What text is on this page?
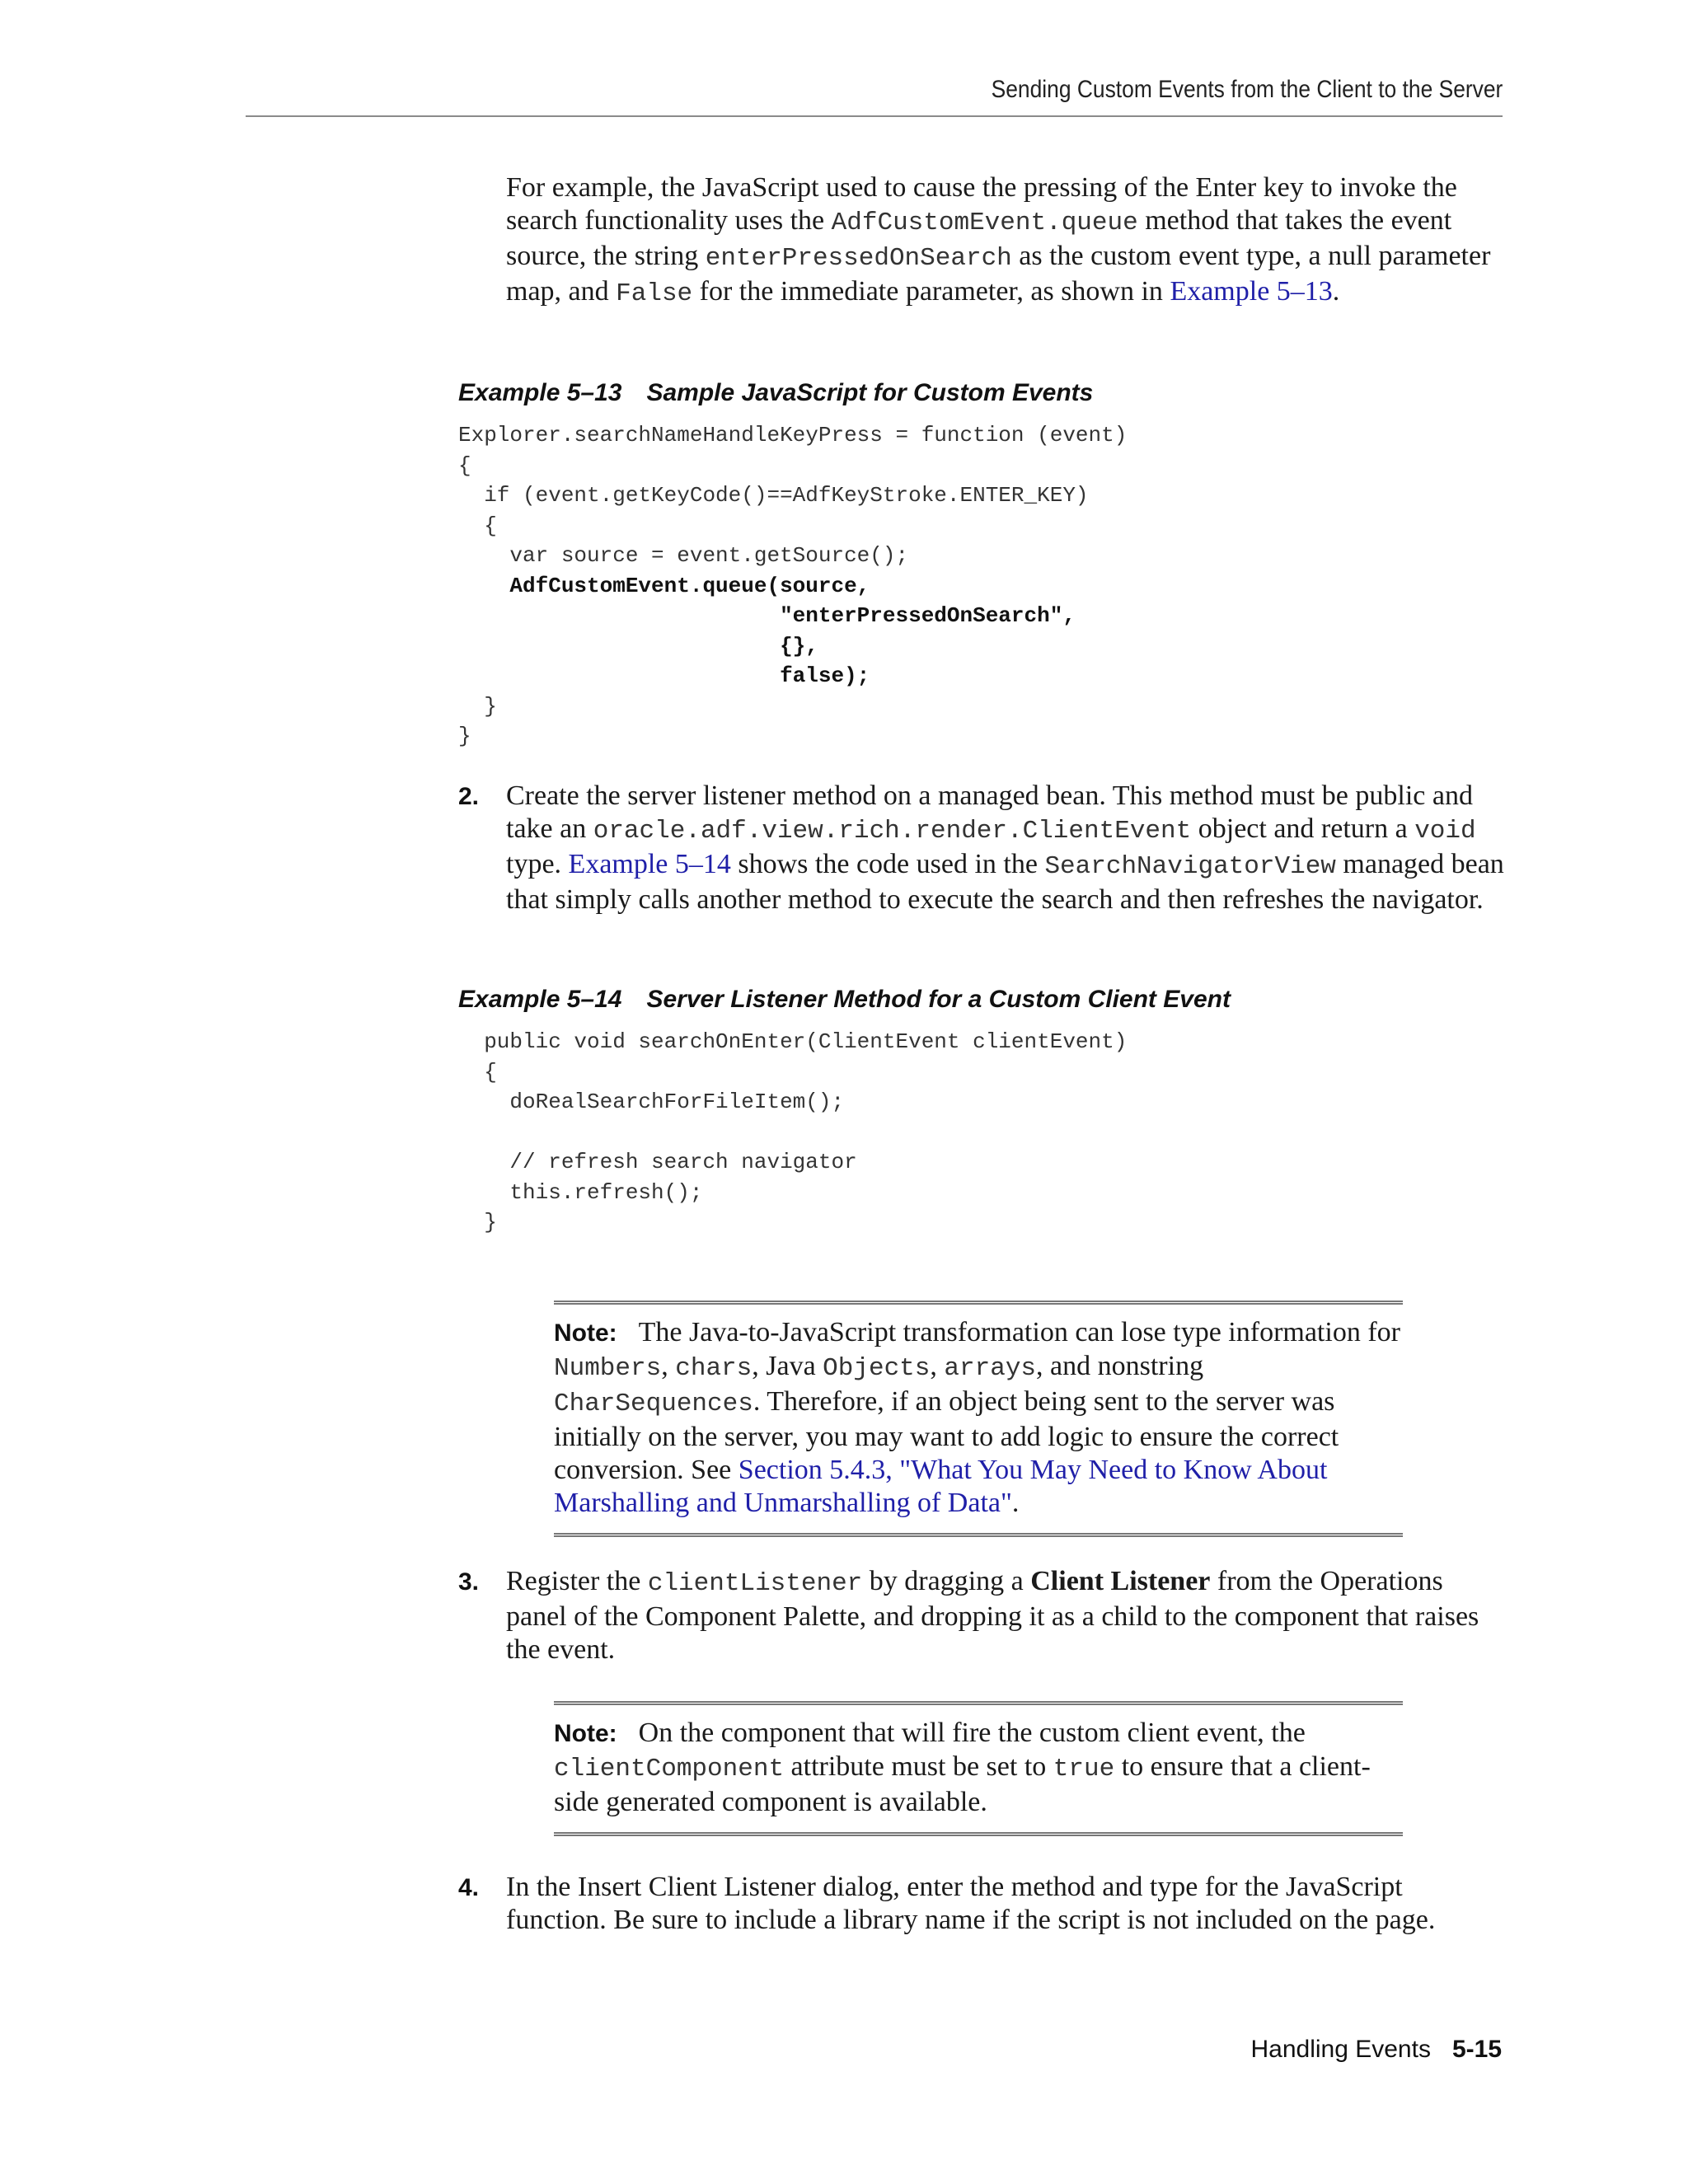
Sending Custom Events from the Client to the Server
For example, the JavaScript used to cause the pressing of the Enter key to invoke the search functionality uses the AdfCustomEvent.queue method that takes the event source, the string enterPressedOnSearch as the custom event type, a null parameter map, and False for the immediate parameter, as shown in Example 5–13.
Example 5–13 Sample JavaScript for Custom Events
Explorer.searchNameHandleKeyPress = function (event)
{
if (event.getKeyCode()==AdfKeyStroke.ENTER_KEY)
{
var source = event.getSource();
AdfCustomEvent.queue(source,
"enterPressedOnSearch",
{},
false);
}
}
2. Create the server listener method on a managed bean. This method must be public and take an oracle.adf.view.rich.render.ClientEvent object and return a void type. Example 5–14 shows the code used in the SearchNavigatorView managed bean that simply calls another method to execute the search and then refreshes the navigator.
Example 5–14 Server Listener Method for a Custom Client Event
public void searchOnEnter(ClientEvent clientEvent)
{
doRealSearchForFileItem();

// refresh search navigator
this.refresh();
}
Note: The Java-to-JavaScript transformation can lose type information for Numbers, chars, Java Objects, arrays, and nonstring CharSequences. Therefore, if an object being sent to the server was initially on the server, you may want to add logic to ensure the correct conversion. See Section 5.4.3, "What You May Need to Know About Marshalling and Unmarshalling of Data".
3. Register the clientListener by dragging a Client Listener from the Operations panel of the Component Palette, and dropping it as a child to the component that raises the event.
Note: On the component that will fire the custom client event, the clientComponent attribute must be set to true to ensure that a client-side generated component is available.
4. In the Insert Client Listener dialog, enter the method and type for the JavaScript function. Be sure to include a library name if the script is not included on the page.
Handling Events 5-15
